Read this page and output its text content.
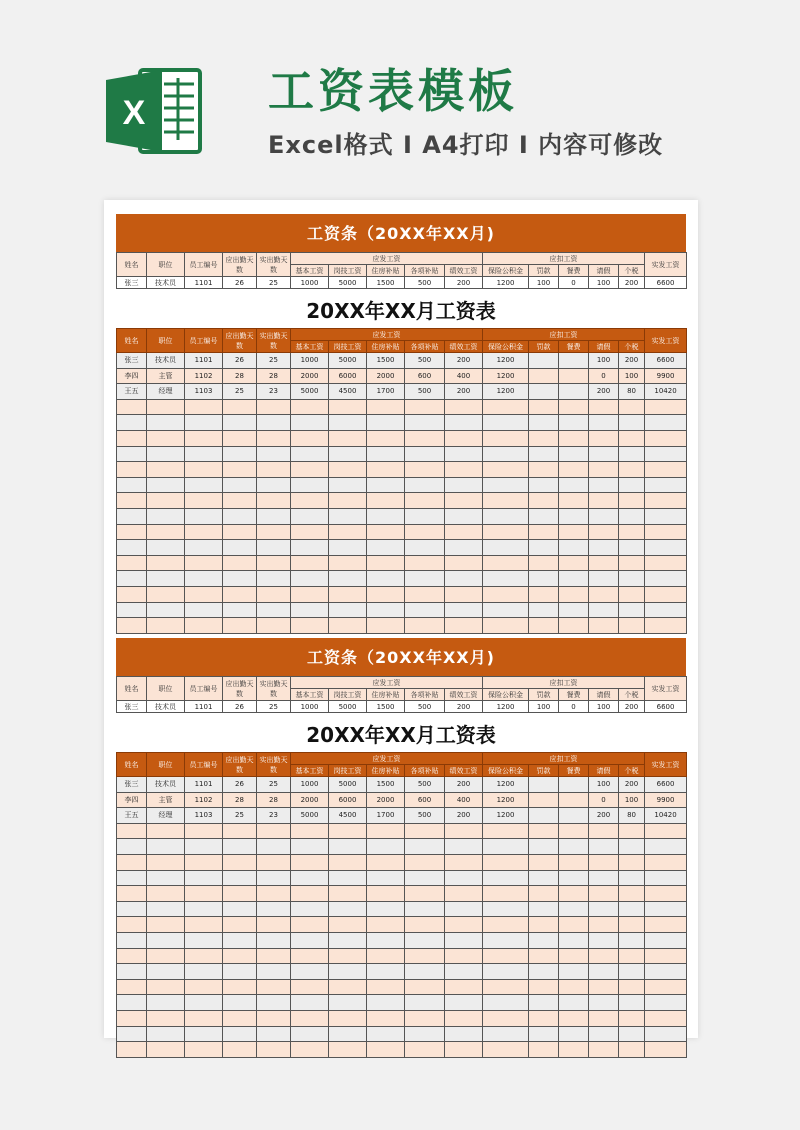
X	工资表模板
Excel格式 I A4打印 I 内容可修改
工资条（20XX年XX月)
姓名	职位	员工编号	应出勤天数	实出勤天数	应发工资					应扣工资					实发工资
					基本工资	岗技工资	住房补贴	各项补贴	绩效工资	保险公积金	罚款	餐费	请假	个税	
张三	技术员	1101	26	25	1000	5000	1500	500	200	1200	100	0	100	200	6600
20XX年XX月工资表
姓名	职位	员工编号	应出勤天数	实出勤天数	应发工资					应扣工资					实发工资
					基本工资	岗技工资	住房补贴	各项补贴	绩效工资	保险公积金	罚款	餐费	请假	个税	
张三	技术员	1101	26	25	1000	5000	1500	500	200	1200			100	200	6600
李四	主管	1102	28	28	2000	6000	2000	600	400	1200			0	100	9900
王五	经理	1103	25	23	5000	4500	1700	500	200	1200			200	80	10420

工资条（20XX年XX月)
姓名	职位	员工编号	应出勤天数	实出勤天数	应发工资					应扣工资					实发工资
					基本工资	岗技工资	住房补贴	各项补贴	绩效工资	保险公积金	罚款	餐费	请假	个税	
张三	技术员	1101	26	25	1000	5000	1500	500	200	1200	100	0	100	200	6600
20XX年XX月工资表
姓名	职位	员工编号	应出勤天数	实出勤天数	应发工资					应扣工资					实发工资
					基本工资	岗技工资	住房补贴	各项补贴	绩效工资	保险公积金	罚款	餐费	请假	个税	
张三	技术员	1101	26	25	1000	5000	1500	500	200	1200			100	200	6600
李四	主管	1102	28	28	2000	6000	2000	600	400	1200			0	100	9900
王五	经理	1103	25	23	5000	4500	1700	500	200	1200			200	80	10420
